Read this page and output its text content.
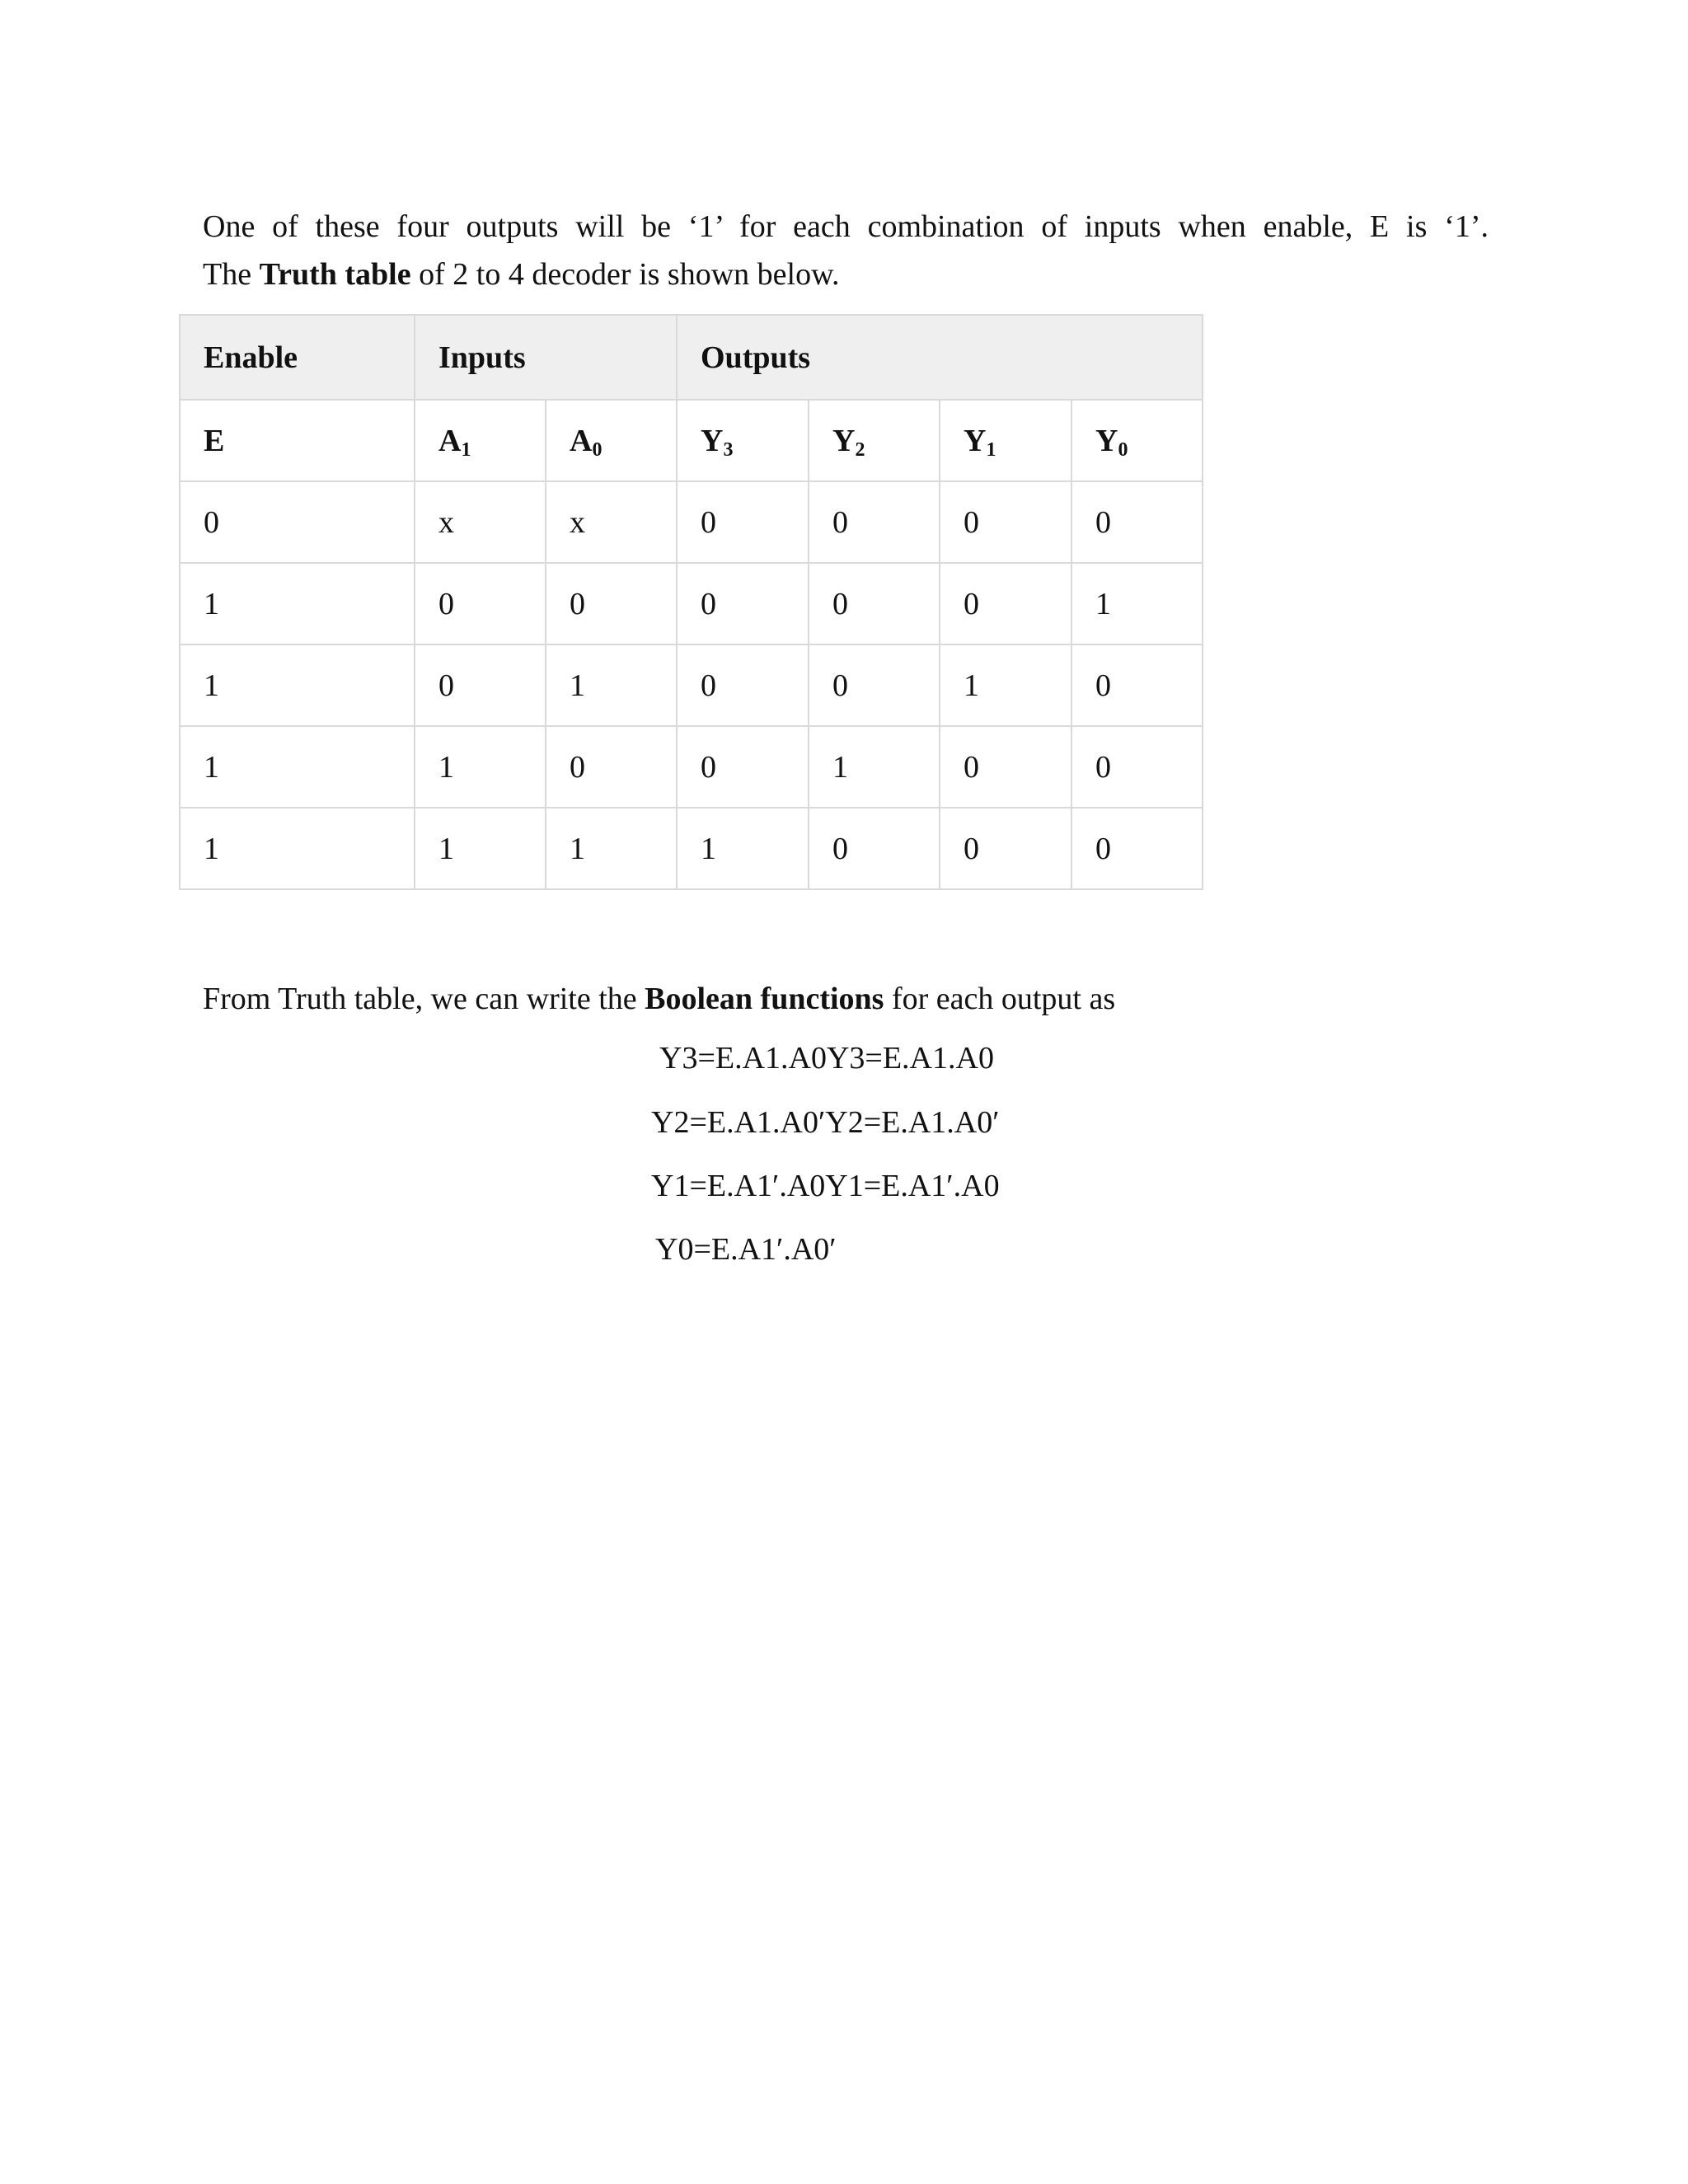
One of these four outputs will be ‘1’ for each combination of inputs when enable, E is ‘1’.
The Truth table of 2 to 4 decoder is shown below.

Enable	Inputs		Outputs			
E	$A_1$	$A_0$	$Y_3$	$Y_2$	$Y_1$	$Y_0$
0	x	x	0	0	0	0
1	0	0	0	0	0	1
1	0	1	0	0	1	0
1	1	0	0	1	0	0
1	1	1	1	0	0	0

From Truth table, we can write the Boolean functions for each output as

Y3=E.A1.A0Y3=E.A1.A0

Y2=E.A1.A0′Y2=E.A1.A0′

Y1=E.A1′.A0Y1=E.A1′.A0

Y0=E.A1′.A0′
